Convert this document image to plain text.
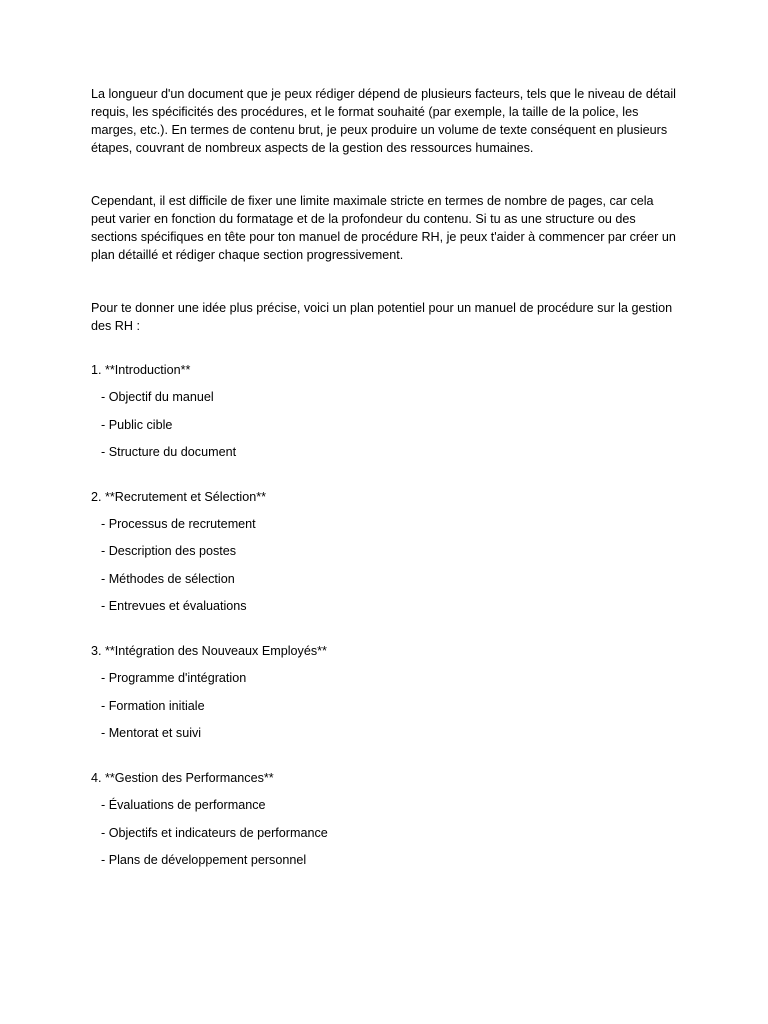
La longueur d'un document que je peux rédiger dépend de plusieurs facteurs, tels que le niveau de détail requis, les spécificités des procédures, et le format souhaité (par exemple, la taille de la police, les marges, etc.). En termes de contenu brut, je peux produire un volume de texte conséquent en plusieurs étapes, couvrant de nombreux aspects de la gestion des ressources humaines.

Cependant, il est difficile de fixer une limite maximale stricte en termes de nombre de pages, car cela peut varier en fonction du formatage et de la profondeur du contenu. Si tu as une structure ou des sections spécifiques en tête pour ton manuel de procédure RH, je peux t'aider à commencer par créer un plan détaillé et rédiger chaque section progressivement.

Pour te donner une idée plus précise, voici un plan potentiel pour un manuel de procédure sur la gestion des RH :

1. **Introduction**

- Objectif du manuel

- Public cible

- Structure du document

2. **Recrutement et Sélection**

- Processus de recrutement

- Description des postes

- Méthodes de sélection

- Entrevues et évaluations

3. **Intégration des Nouveaux Employés**

- Programme d'intégration

- Formation initiale

- Mentorat et suivi

4. **Gestion des Performances**

- Évaluations de performance

- Objectifs et indicateurs de performance

- Plans de développement personnel
